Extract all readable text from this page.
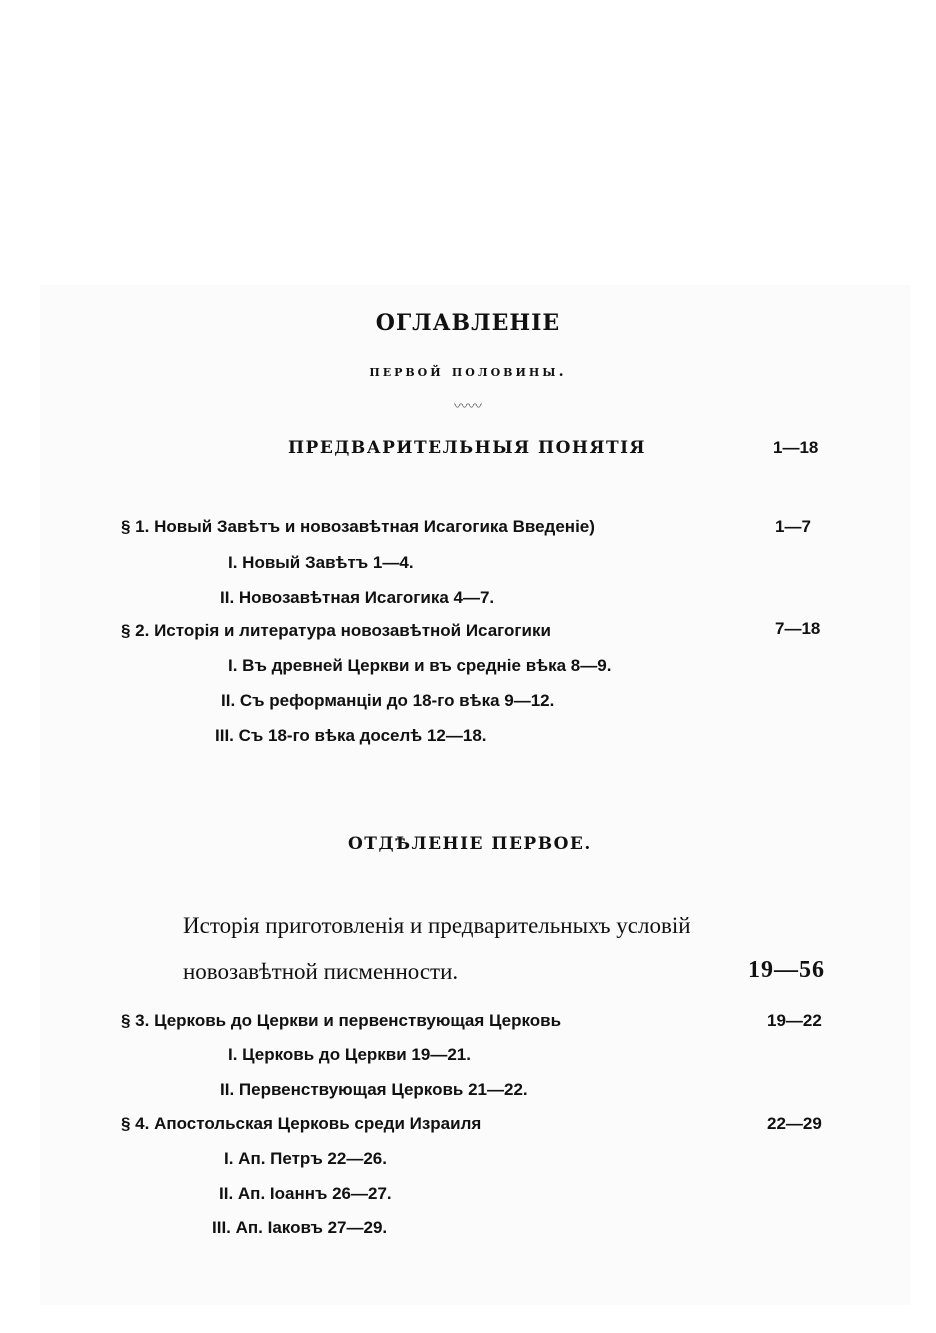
ОГЛАВЛЕНІЕ
первой половины.
〰〰
ПРЕДВАРИТЕЛЬНЫЯ ПОНЯТІЯ	1—18
§ 1. Новый Завѣтъ и новозавѣтная Исагогика Введеніе)	1—7
I. Новый Завѣтъ 1—4.
II. Новозавѣтная Исагогика 4—7.
§ 2. Исторія и литература новозавѣтной Исагогики	7—18
I. Въ древней Церкви и въ средніе вѣка 8—9.
II. Съ реформанціи до 18-го вѣка 9—12.
III. Съ 18-го вѣка доселѣ 12—18.
ОТДѢЛЕНІЕ ПЕРВОЕ.
Исторія приготовленія и предварительныхъ условій
новозавѣтной писменности.	19—56
§ 3. Церковь до Церкви и первенствующая Церковь	19—22
I. Церковь до Церкви 19—21.
II. Первенствующая Церковь 21—22.
§ 4. Апостольская Церковь среди Израиля	22—29
I. Ап. Петръ 22—26.
II. Ап. Іоаннъ 26—27.
III. Ап. Іаковъ 27—29.
